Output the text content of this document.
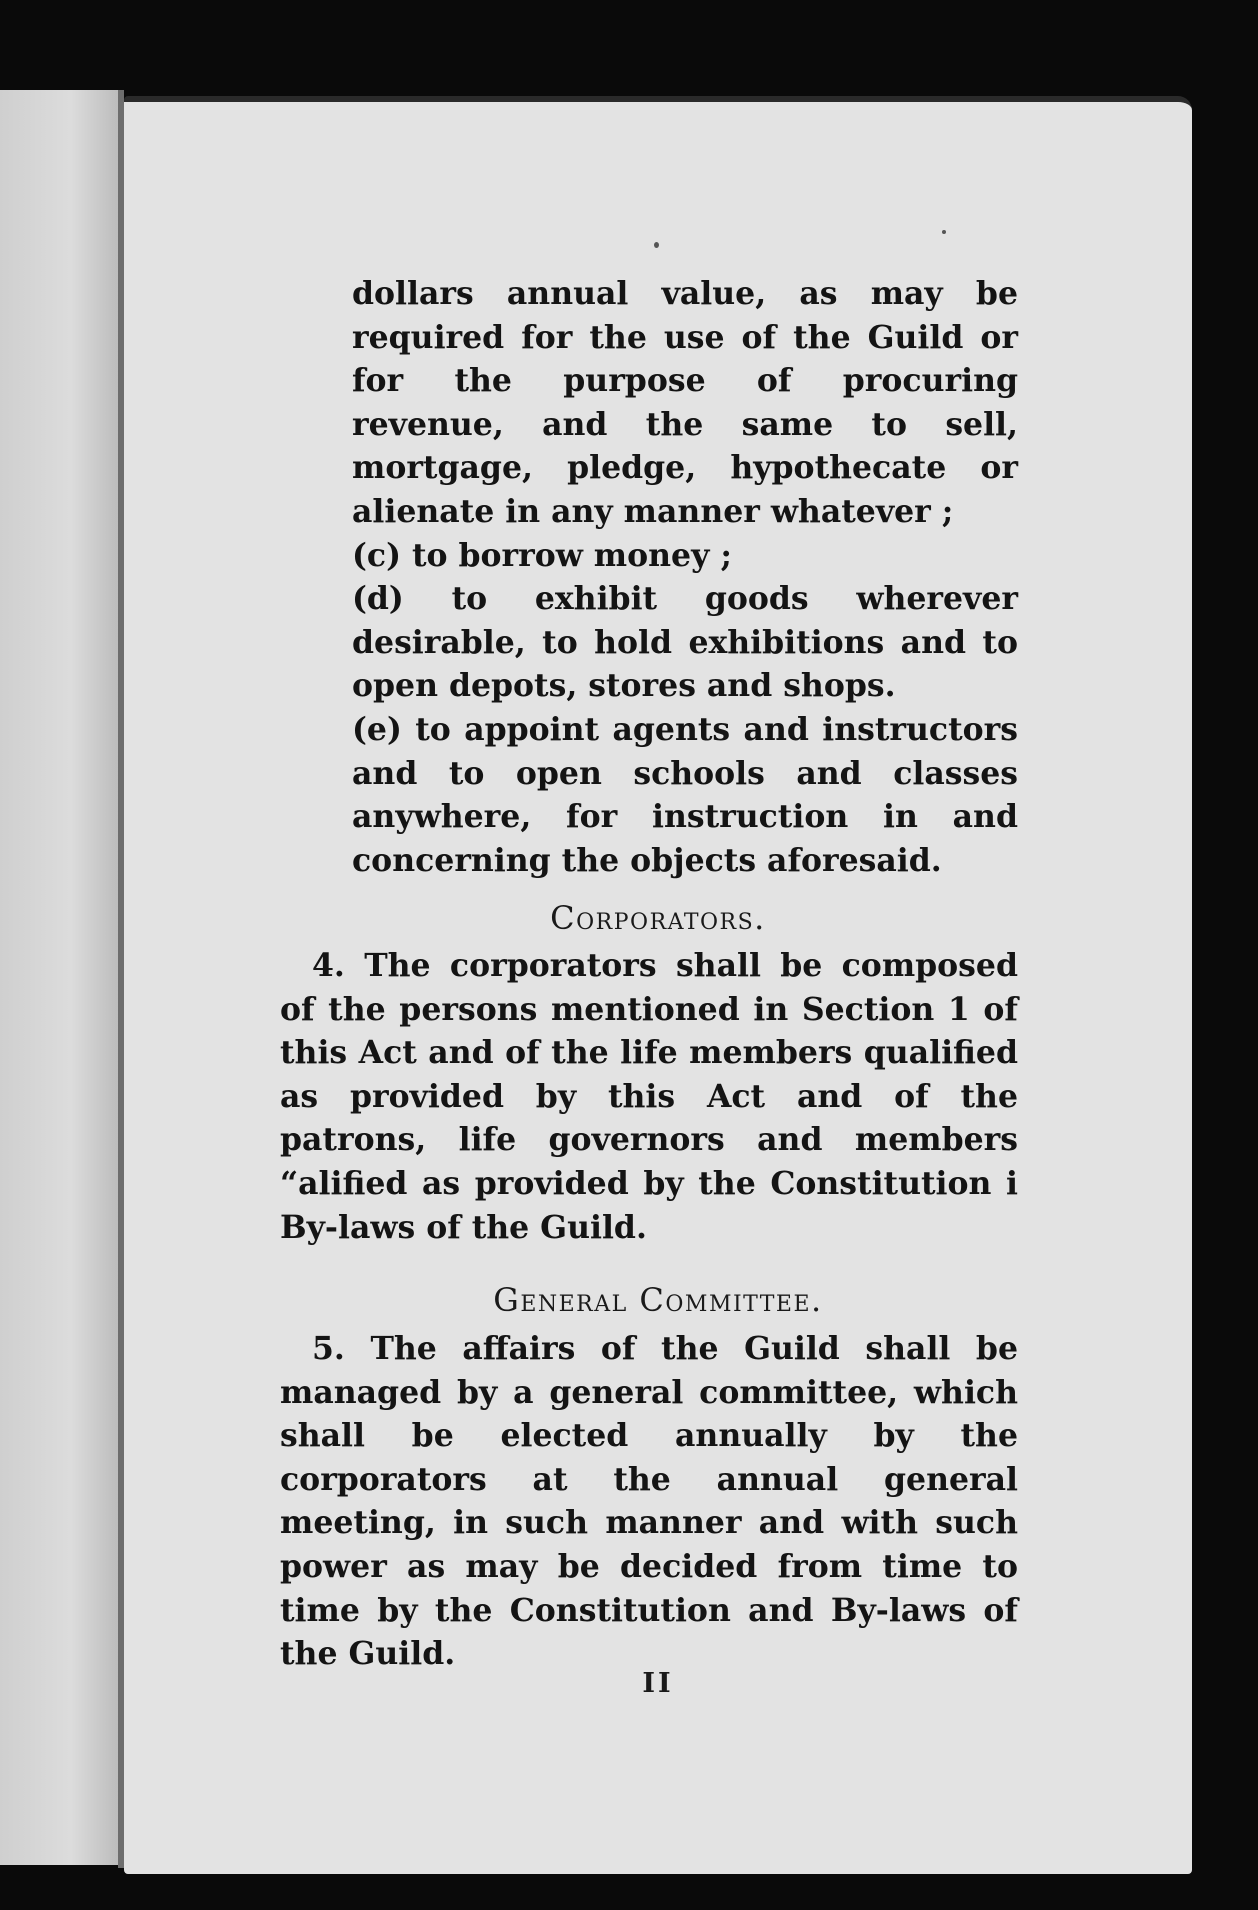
dollars annual value, as may be required for the use of the Guild or for the purpose of procuring revenue, and the same to sell, mortgage, pledge, hypothecate or alienate in any manner whatever ;

(c) to borrow money ;

(d) to exhibit goods wherever desirable, to hold exhibitions and to open depots, stores and shops.

(e) to appoint agents and instructors and to open schools and classes anywhere, for instruction in and concerning the objects aforesaid.

Corporators.

4. The corporators shall be composed of the persons mentioned in Section 1 of this Act and of the life members qualified as provided by this Act and of the patrons, life governors and members “alified as provided by the Constitution i By-laws of the Guild.

General Committee.

5. The affairs of the Guild shall be managed by a general committee, which shall be elected annually by the corporators at the annual general meeting, in such manner and with such power as may be decided from time to time by the Constitution and By-laws of the Guild.

II
